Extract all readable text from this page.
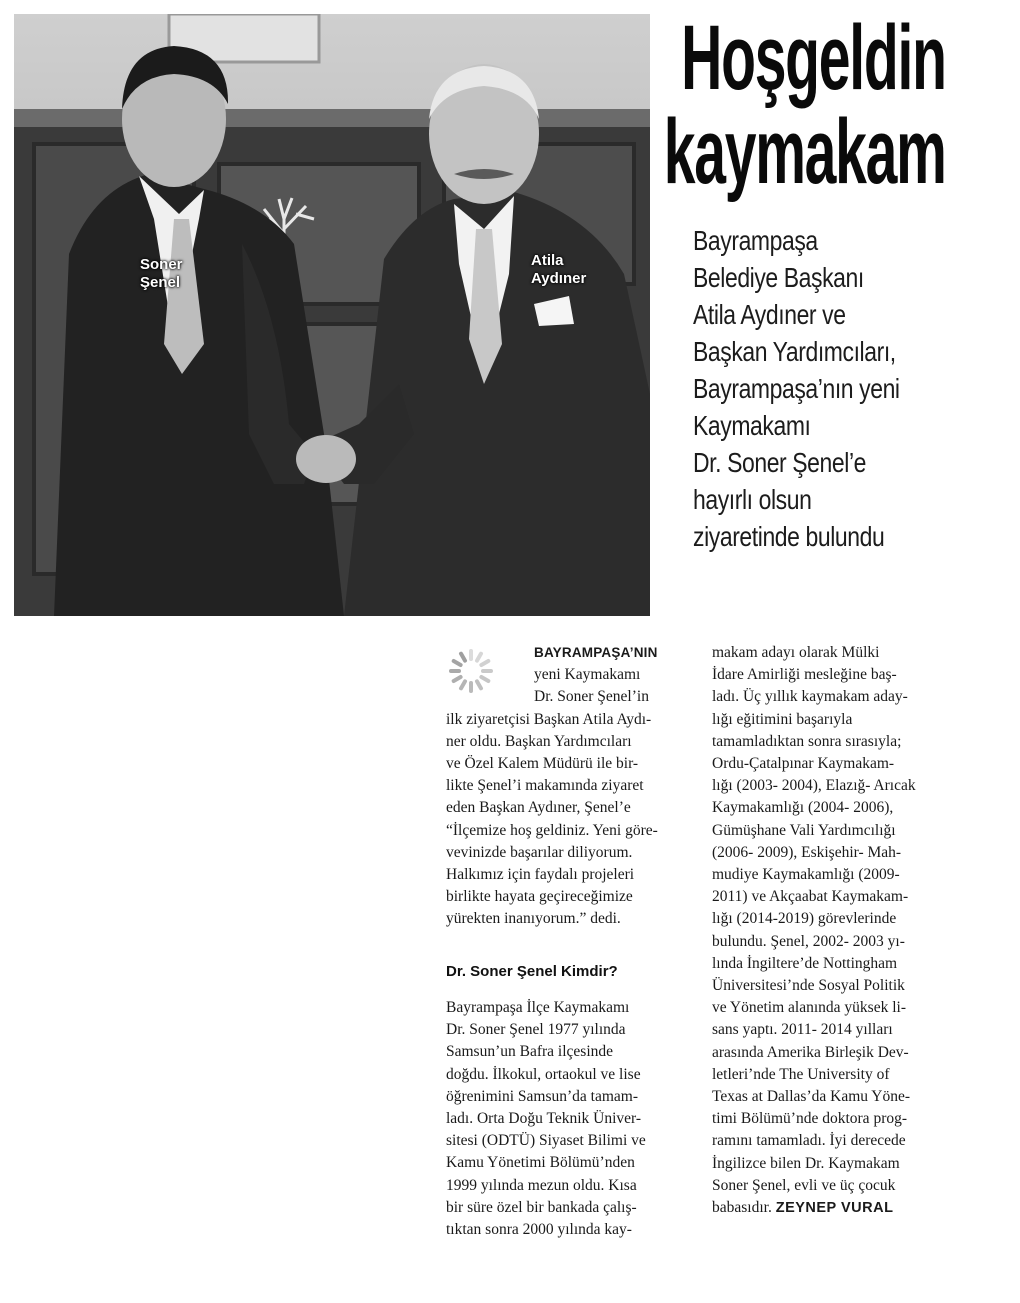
Soner
Şenel
Atila
Aydıner
Hoşgeldin
kaymakam
Bayrampaşa
Belediye Başkanı
Atila Aydıner ve
Başkan Yardımcıları,
Bayrampaşa’nın yeni
Kaymakamı
Dr. Soner Şenel’e
hayırlı olsun
ziyaretinde bulundu
BAYRAMPAŞA’NIN
yeni Kaymakamı
Dr. Soner Şenel’in
ilk ziyaretçisi Başkan Atila Aydı-
ner oldu. Başkan Yardımcıları
ve Özel Kalem Müdürü ile bir-
likte Şenel’i makamında ziyaret
eden Başkan Aydıner, Şenel’e
“İlçemize hoş geldiniz. Yeni göre-
vevinizde başarılar diliyorum.
Halkımız için faydalı projeleri
birlikte hayata geçireceğimize
yürekten inanıyorum.” dedi.
Dr. Soner Şenel Kimdir?
Bayrampaşa İlçe Kaymakamı
Dr. Soner Şenel 1977 yılında
Samsun’un Bafra ilçesinde
doğdu. İlkokul, ortaokul ve lise
öğrenimini Samsun’da tamam-
ladı. Orta Doğu Teknik Üniver-
sitesi (ODTÜ) Siyaset Bilimi ve
Kamu Yönetimi Bölümü’nden
1999 yılında mezun oldu. Kısa
bir süre özel bir bankada çalış-
tıktan sonra 2000 yılında kay-
makam adayı olarak Mülki
İdare Amirliği mesleğine baş-
ladı. Üç yıllık kaymakam aday-
lığı eğitimini başarıyla
tamamladıktan sonra sırasıyla;
Ordu-Çatalpınar Kaymakam-
lığı (2003- 2004), Elazığ- Arıcak
Kaymakamlığı (2004- 2006),
Gümüşhane Vali Yardımcılığı
(2006- 2009), Eskişehir- Mah-
mudiye Kaymakamlığı (2009-
2011) ve Akçaabat Kaymakam-
lığı (2014-2019) görevlerinde
bulundu. Şenel, 2002- 2003 yı-
lında İngiltere’de Nottingham
Üniversitesi’nde Sosyal Politik
ve Yönetim alanında yüksek li-
sans yaptı. 2011- 2014 yılları
arasında Amerika Birleşik Dev-
letleri’nde The University of
Texas at Dallas’da Kamu Yöne-
timi Bölümü’nde doktora prog-
ramını tamamladı. İyi derecede
İngilizce bilen Dr. Kaymakam
Soner Şenel, evli ve üç çocuk
babasıdır. ZEYNEP VURAL
